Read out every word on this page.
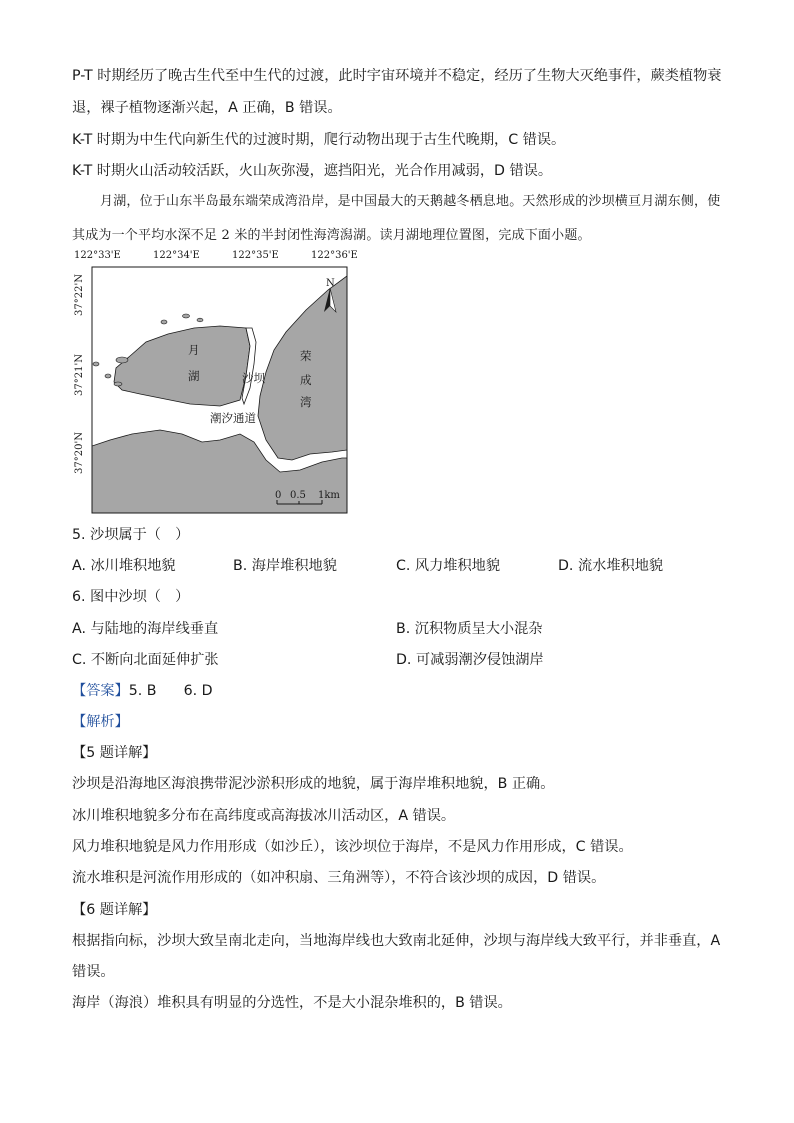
P-T 时期经历了晚古生代至中生代的过渡，此时宇宙环境并不稳定，经历了生物大灭绝事件，蕨类植物衰
退，裸子植物逐渐兴起，A 正确，B 错误。
K-T 时期为中生代向新生代的过渡时期，爬行动物出现于古生代晚期，C 错误。
K-T 时期火山活动较活跃，火山灰弥漫，遮挡阳光，光合作用减弱，D 错误。
月湖，位于山东半岛最东端荣成湾沿岸，是中国最大的天鹅越冬栖息地。天然形成的沙坝横亘月湖东侧，使其成为一个平均水深不足 2 米的半封闭性海湾潟湖。读月湖地理位置图，完成下面小题。
122°33'E	122°34'E	122°35'E	122°36'E
37°22'N
37°21'N
37°20'N
月
湖	沙坝
荣
成
湾
潮汐通道
N
0 0.5 1km
5. 沙坝属于（　）
A. 冰川堆积地貌	B. 海岸堆积地貌	C. 风力堆积地貌	D. 流水堆积地貌
6. 图中沙坝（　）
A. 与陆地的海岸线垂直	B. 沉积物质呈大小混杂
C. 不断向北面延伸扩张	D. 可减弱潮汐侵蚀湖岸
【答案】5. B      6. D
【解析】
【5 题详解】
沙坝是沿海地区海浪携带泥沙淤积形成的地貌，属于海岸堆积地貌，B 正确。
冰川堆积地貌多分布在高纬度或高海拔冰川活动区，A 错误。
风力堆积地貌是风力作用形成（如沙丘），该沙坝位于海岸，不是风力作用形成，C 错误。
流水堆积是河流作用形成的（如冲积扇、三角洲等），不符合该沙坝的成因，D 错误。
【6 题详解】
根据指向标，沙坝大致呈南北走向，当地海岸线也大致南北延伸，沙坝与海岸线大致平行，并非垂直，A
错误。
海岸（海浪）堆积具有明显的分选性，不是大小混杂堆积的，B 错误。
